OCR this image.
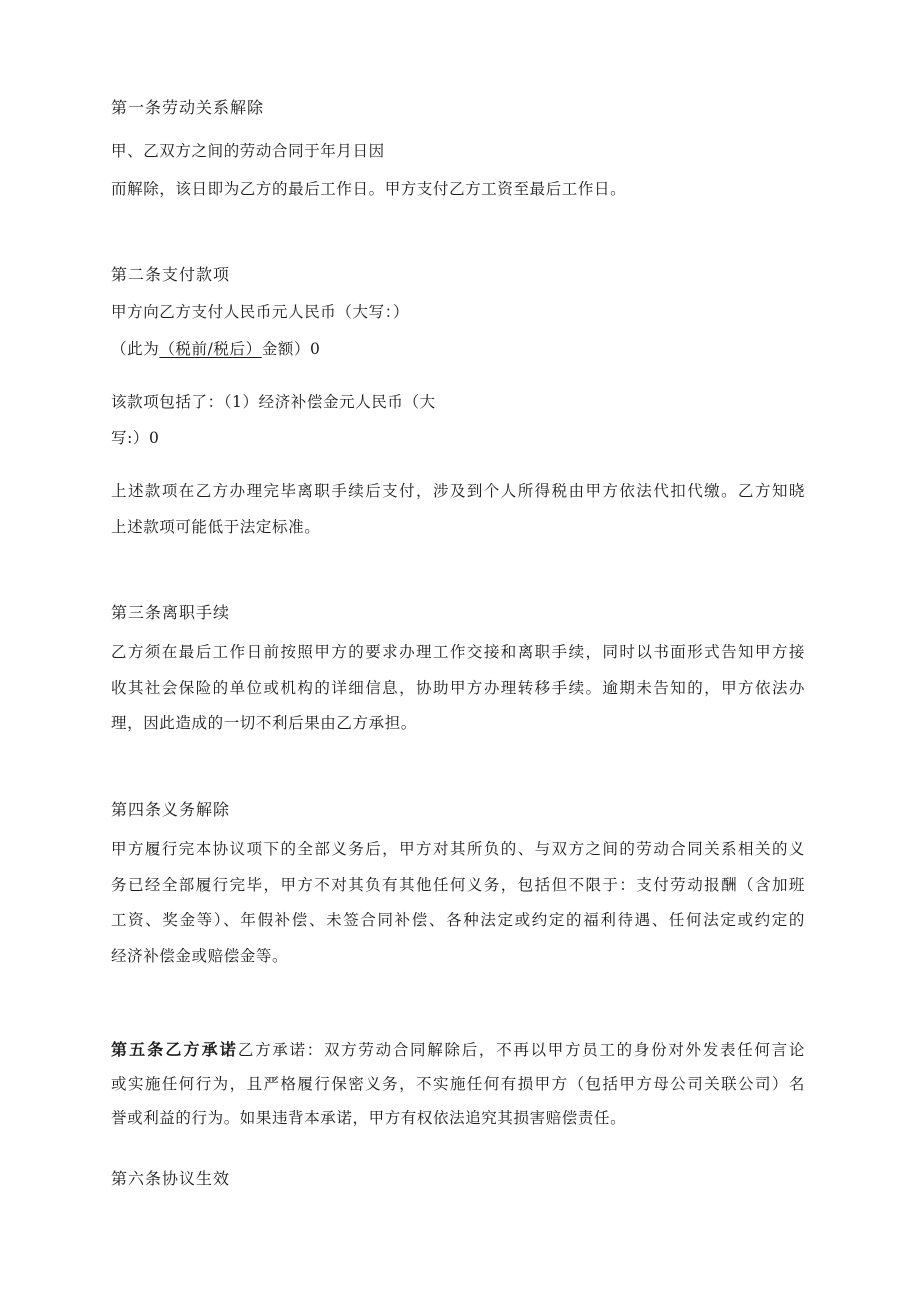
第一条劳动关系解除
甲、乙双方之间的劳动合同于年月日因
而解除，该日即为乙方的最后工作日。甲方支付乙方工资至最后工作日。
第二条支付款项
甲方向乙方支付人民币元人民币（大写：）
（此为（税前/税后）金额）0
该款项包括了：（1）经济补偿金元人民币（大
写:）0
上述款项在乙方办理完毕离职手续后支付，涉及到个人所得税由甲方依法代扣代缴。乙方知晓
上述款项可能低于法定标准。
第三条离职手续
乙方须在最后工作日前按照甲方的要求办理工作交接和离职手续，同时以书面形式告知甲方接
收其社会保险的单位或机构的详细信息，协助甲方办理转移手续。逾期未告知的，甲方依法办
理，因此造成的一切不利后果由乙方承担。
第四条义务解除
甲方履行完本协议项下的全部义务后，甲方对其所负的、与双方之间的劳动合同关系相关的义
务已经全部履行完毕，甲方不对其负有其他任何义务，包括但不限于：支付劳动报酬（含加班
工资、奖金等）、年假补偿、未签合同补偿、各种法定或约定的福利待遇、任何法定或约定的
经济补偿金或赔偿金等。
第五条乙方承诺乙方承诺：双方劳动合同解除后，不再以甲方员工的身份对外发表任何言论
或实施任何行为，且严格履行保密义务，不实施任何有损甲方（包括甲方母公司关联公司）名
誉或利益的行为。如果违背本承诺，甲方有权依法追究其损害赔偿责任。
第六条协议生效
